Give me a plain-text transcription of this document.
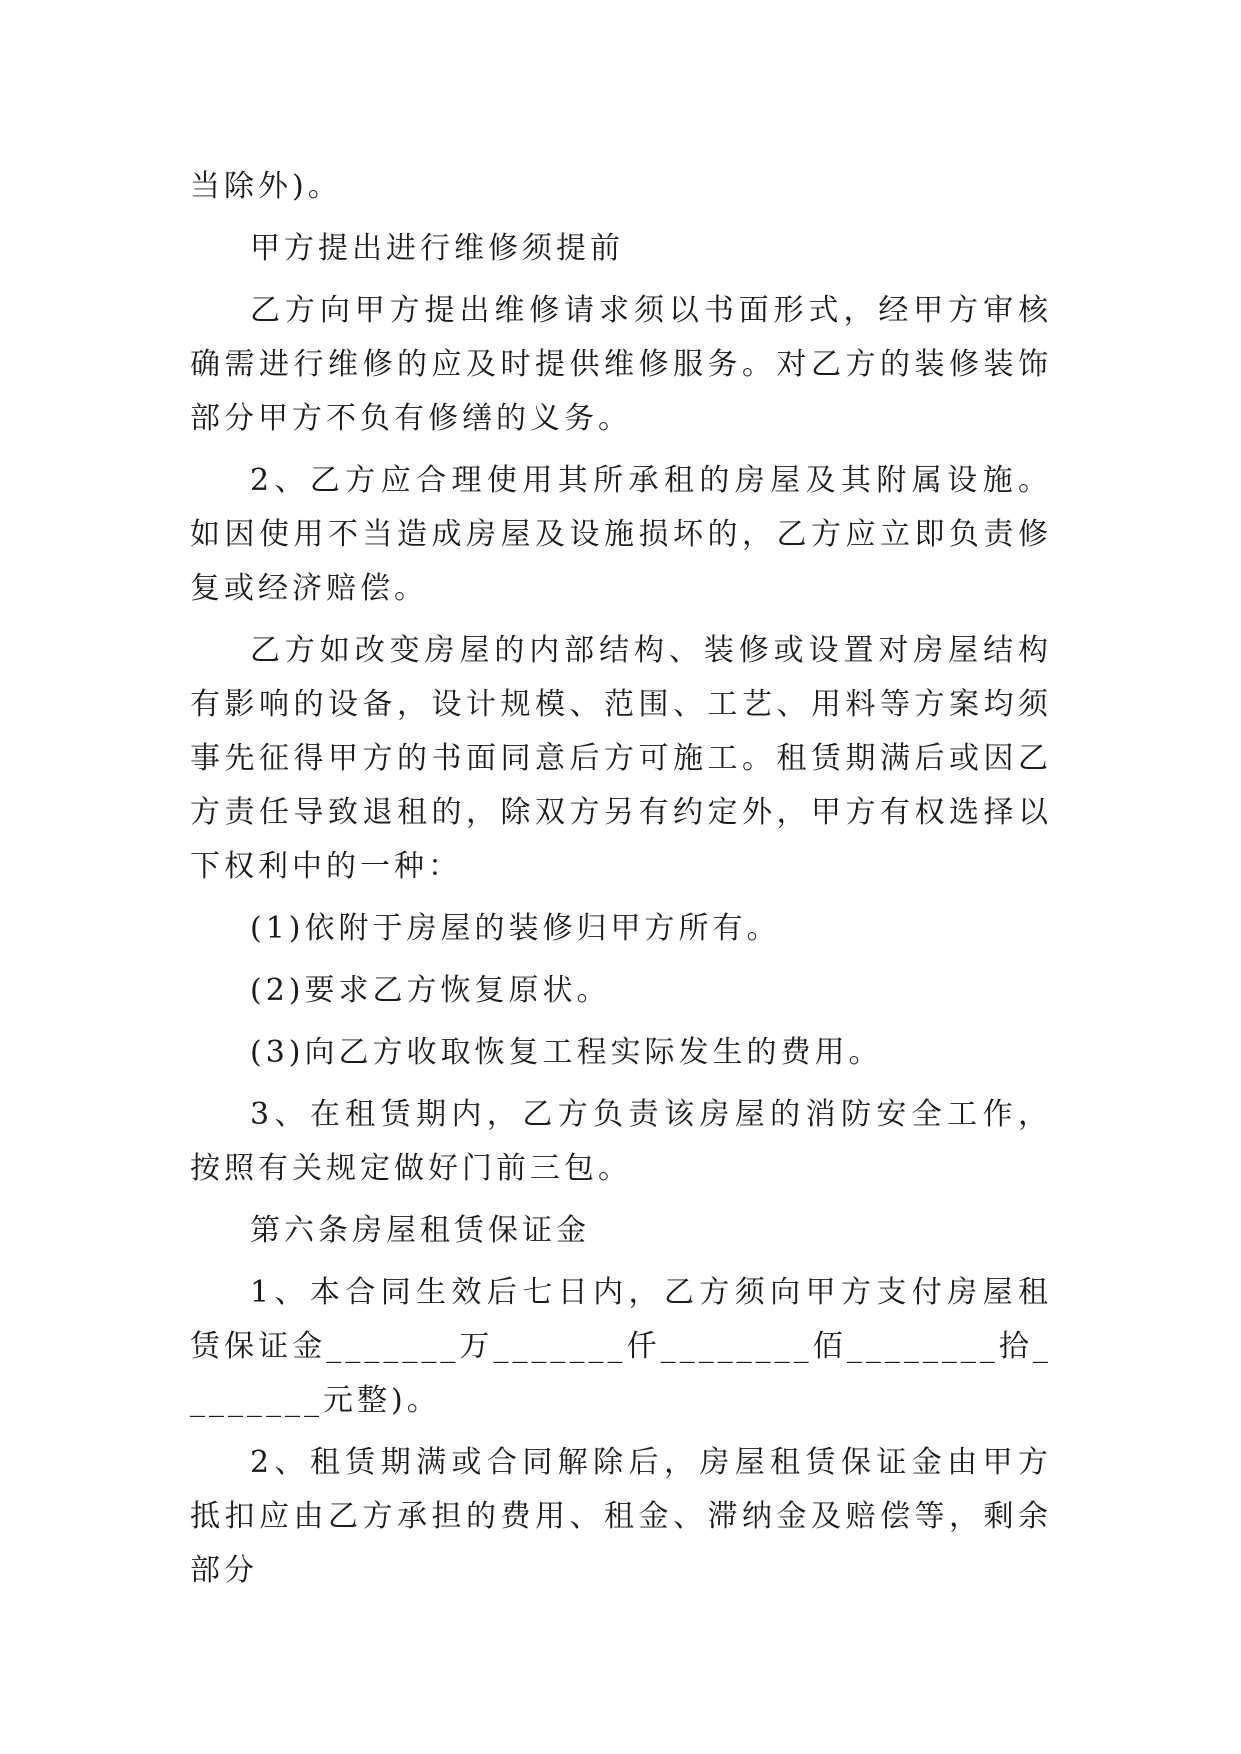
当除外)。

甲方提出进行维修须提前

乙方向甲方提出维修请求须以书面形式，经甲方审核确需进行维修的应及时提供维修服务。对乙方的装修装饰部分甲方不负有修缮的义务。

2、乙方应合理使用其所承租的房屋及其附属设施。如因使用不当造成房屋及设施损坏的，乙方应立即负责修复或经济赔偿。

乙方如改变房屋的内部结构、装修或设置对房屋结构有影响的设备，设计规模、范围、工艺、用料等方案均须事先征得甲方的书面同意后方可施工。租赁期满后或因乙方责任导致退租的，除双方另有约定外，甲方有权选择以下权利中的一种：

(1)依附于房屋的装修归甲方所有。

(2)要求乙方恢复原状。

(3)向乙方收取恢复工程实际发生的费用。

3、在租赁期内，乙方负责该房屋的消防安全工作，按照有关规定做好门前三包。

第六条房屋租赁保证金

1、本合同生效后七日内，乙方须向甲方支付房屋租赁保证金_______万_______仟________佰________拾________元整)。

2、租赁期满或合同解除后，房屋租赁保证金由甲方抵扣应由乙方承担的费用、租金、滞纳金及赔偿等，剩余部分
